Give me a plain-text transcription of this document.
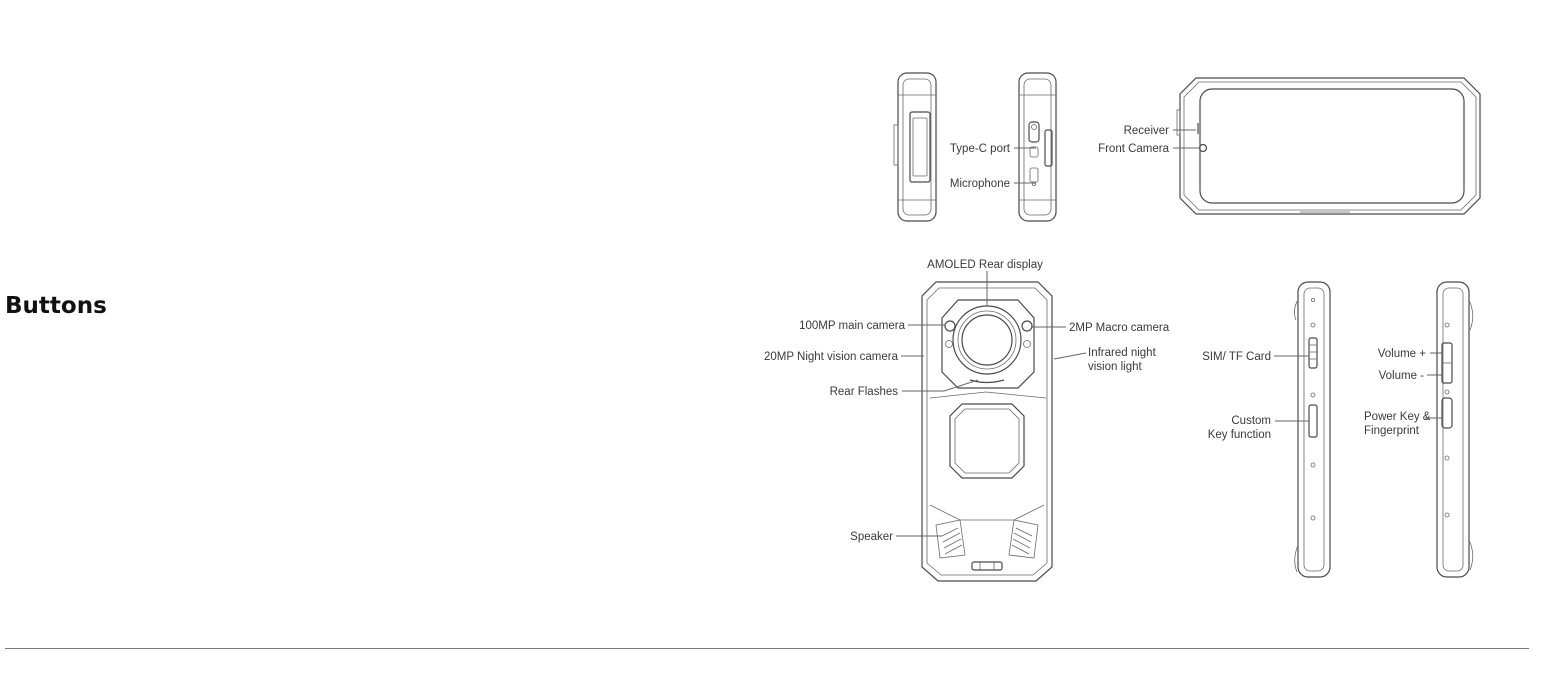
Buttons
Type-C port
Microphone
Receiver
Front Camera
AMOLED Rear display
100MP main camera	2MP Macro camera
20MP Night vision camera	Infrared night
vision light
Rear Flashes
Speaker
SIM/ TF Card
Custom
Key function
Volume +
Volume -
Power Key &
Fingerprint
